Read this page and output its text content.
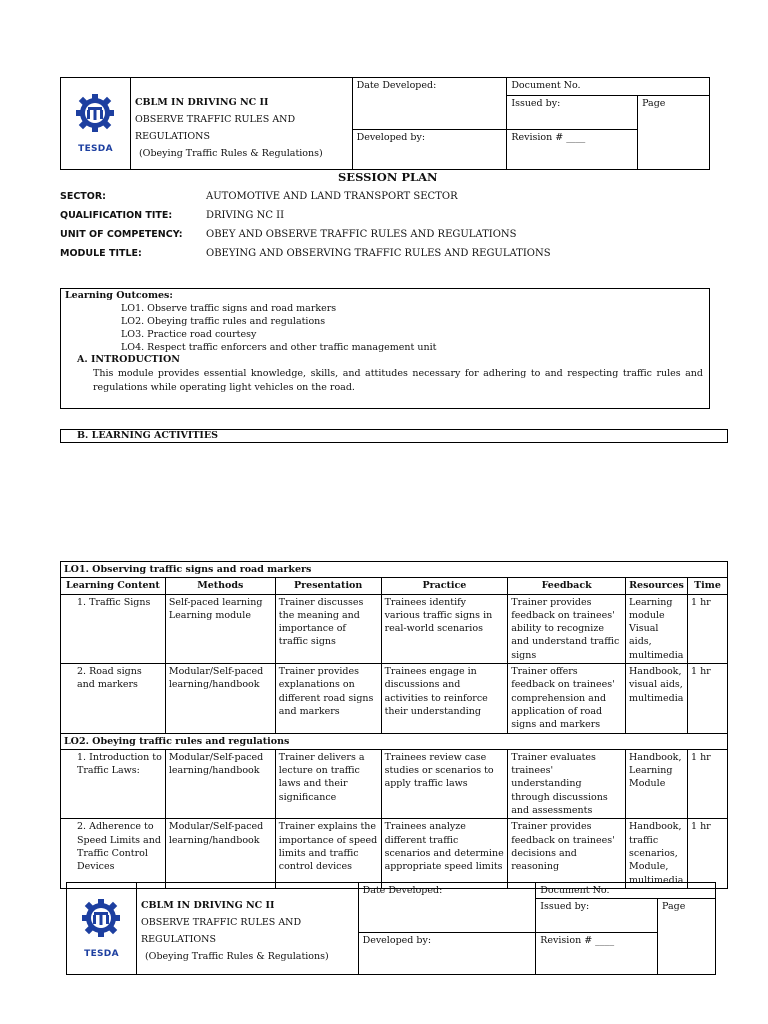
TESDA	CBLM IN DRIVING NC II
OBSERVE TRAFFIC RULES AND
REGULATIONS
(Obeying Traffic Rules & Regulations)	Date Developed:	Document No.	
			Issued by:	Page
		Developed by:	Revision # ____	
SESSION PLAN
SECTOR:	AUTOMOTIVE AND LAND TRANSPORT SECTOR
QUALIFICATION TITE:	DRIVING NC II
UNIT OF COMPETENCY: OBEY AND OBSERVE TRAFFIC RULES AND REGULATIONS
MODULE TITLE:	OBEYING AND OBSERVING TRAFFIC RULES AND REGULATIONS
Learning Outcomes:
LO1. Observe traffic signs and road markers
LO2. Obeying traffic rules and regulations
LO3. Practice road courtesy
LO4. Respect traffic enforcers and other traffic management unit
A. INTRODUCTION
This module provides essential knowledge, skills, and attitudes necessary for adhering to and respecting traffic rules and regulations while operating light vehicles on the road.
B. LEARNING ACTIVITIES
LO1. Observing traffic signs and road markers						
Learning Content	Methods	Presentation	Practice	Feedback	Resources	Time
1. Traffic Signs	Self-paced learning Learning module	Trainer discusses the meaning and importance of traffic signs	Trainees identify various traffic signs in real-world scenarios	Trainer provides feedback on trainees' ability to recognize and understand traffic signs	Learning module Visual aids, multimedia	1 hr
2. Road signs and markers	Modular/Self-paced learning/handbook	Trainer provides explanations on different road signs and markers	Trainees engage in discussions and activities to reinforce their understanding	Trainer offers feedback on trainees' comprehension and application of road signs and markers	Handbook, visual aids, multimedia	1 hr
LO2. Obeying traffic rules and regulations						
1. Introduction to Traffic Laws:	Modular/Self-paced learning/handbook	Trainer delivers a lecture on traffic laws and their significance	Trainees review case studies or scenarios to apply traffic laws	Trainer evaluates trainees' understanding through discussions and assessments	Handbook, Learning Module	1 hr
2. Adherence to Speed Limits and Traffic Control Devices	Modular/Self-paced learning/handbook	Trainer explains the importance of speed limits and traffic control devices	Trainees analyze different traffic scenarios and determine appropriate speed limits	Trainer provides feedback on trainees' decisions and reasoning	Handbook, traffic scenarios, Module, multimedia	1 hr
TESDA	CBLM IN DRIVING NC II
OBSERVE TRAFFIC RULES AND
REGULATIONS
(Obeying Traffic Rules & Regulations)	Date Developed:	Document No.	
			Issued by:	Page
		Developed by:	Revision # ____	
